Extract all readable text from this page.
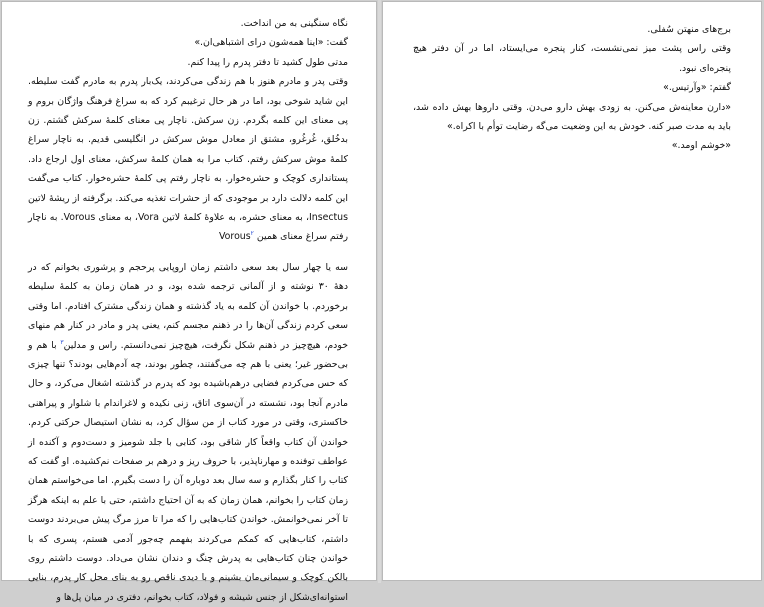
نگاه سنگینی به من انداخت.

گفت: «اینا همه‌شون درای اشتباهی‌ان.»

مدتی طول کشید تا دفتر پدرم را پیدا کنم.

وقتی پدر و مادرم هنوز با هم زندگی می‌کردند، یک‌بار پدرم به مادرم گفت سلیطه. این شاید شوخی بود، اما در هر حال ترغیبم کرد که به سراغ فرهنگ واژگان بروم و پی معنای این کلمه بگردم. زن سرکش. ناچار پی معنای کلمهٔ سرکش گشتم. زن بدخُلق، غُرغُرو، مشتق از معادل موش سرکش در انگلیسی قدیم. به ناچار سراغ کلمهٔ موش سرکش رفتم. کتاب مرا به همان کلمهٔ سرکش، معنای اول ارجاع داد. پستانداری کوچک و حشره‌خوار. به ناچار رفتم پی کلمهٔ حشره‌خوار. کتاب می‌گفت این کلمه دلالت دارد بر موجودی که از حشرات تغذیه می‌کند. برگرفته از ریشهٔ لاتین Insectus، به معنای حشره، به علاوهٔ کلمهٔ لاتین Vora، به معنای Vorous. به ناچار رفتم سراغ معنای همین Vorous$^۲$

سه یا چهار سال بعد سعی داشتم زمان اروپایی پرحجم و پرشوری بخوانم که در دههٔ ۳۰ نوشته و از آلمانی ترجمه شده بود، و در همان زمان به کلمهٔ سلیطه برخوردم. با خواندن آن کلمه به یاد گذشته و همان زندگی مشترک افتادم. اما وقتی سعی کردم زندگی آن‌ها را در ذهنم مجسم کنم، یعنی پدر و مادر در کنار هم منهای خودم، هیچ‌چیز در ذهنم شکل نگرفت، هیچ‌چیز نمی‌دانستم. راس و مدلین$^۳$ با هم و بی‌حضور غیر؛ یعنی با هم چه می‌گفتند، چطور بودند، چه آدم‌هایی بودند؟ تنها چیزی که حس می‌کردم فضایی درهم‌باشیده بود که پدرم در گذشته اشغال می‌کرد، و حال مادرم آنجا بود، نشسته در آن‌سوی اتاق، زنی نکیده و لاغراندام با شلوار و پیراهنی خاکستری، وقتی در مورد کتاب از من سؤال کرد، به نشان استیصال حرکتی کردم. خواندن آن کتاب واقعاً کار شاقی بود، کتابی با جلد شومیز و دست‌دوم و آکنده از عواطف توفنده و مهارناپذیر، با حروف ریز و درهم بر صفحات نم‌کشیده. او گفت که کتاب را کنار بگذارم و سه سال بعد دوباره آن را دست بگیرم. اما می‌خواستم همان زمان کتاب را بخوانم، همان زمان که به آن احتیاج داشتم، حتی با علم به اینکه هرگز تا آخر نمی‌خوانمش. خواندن کتاب‌هایی را که مرا تا مرز مرگ پیش می‌بردند دوست داشتم، کتاب‌هایی که کمکم می‌کردند بفهمم چه‌جور آدمی هستم، پسری که با خواندن چنان کتاب‌هایی به پدرش چنگ و دندان نشان می‌داد. دوست داشتم روی بالکن کوچک و سیمانی‌مان بشینم و با دیدی ناقص رو به بنای محل کار پدرم، بنایی استوانه‌ای‌شکل از جنس شیشه و فولاد، کتاب بخوانم، دفتری در میان پل‌ها و

برج‌های منهتن سُفلی.

وقتی راس پشت میز نمی‌نشست، کنار پنجره می‌ایستاد، اما در آن دفتر هیچ پنجره‌ای نبود.

گفتم: «وآرتیس.»

«دارن معاینه‌ش می‌کنن. به زودی بهش دارو می‌دن. وقتی داروها بهش داده شد، باید به مدت صبر کنه. خودش به این وضعیت می‌گه رضایت توأم با اکراه.»

«خوشم اومد.»
